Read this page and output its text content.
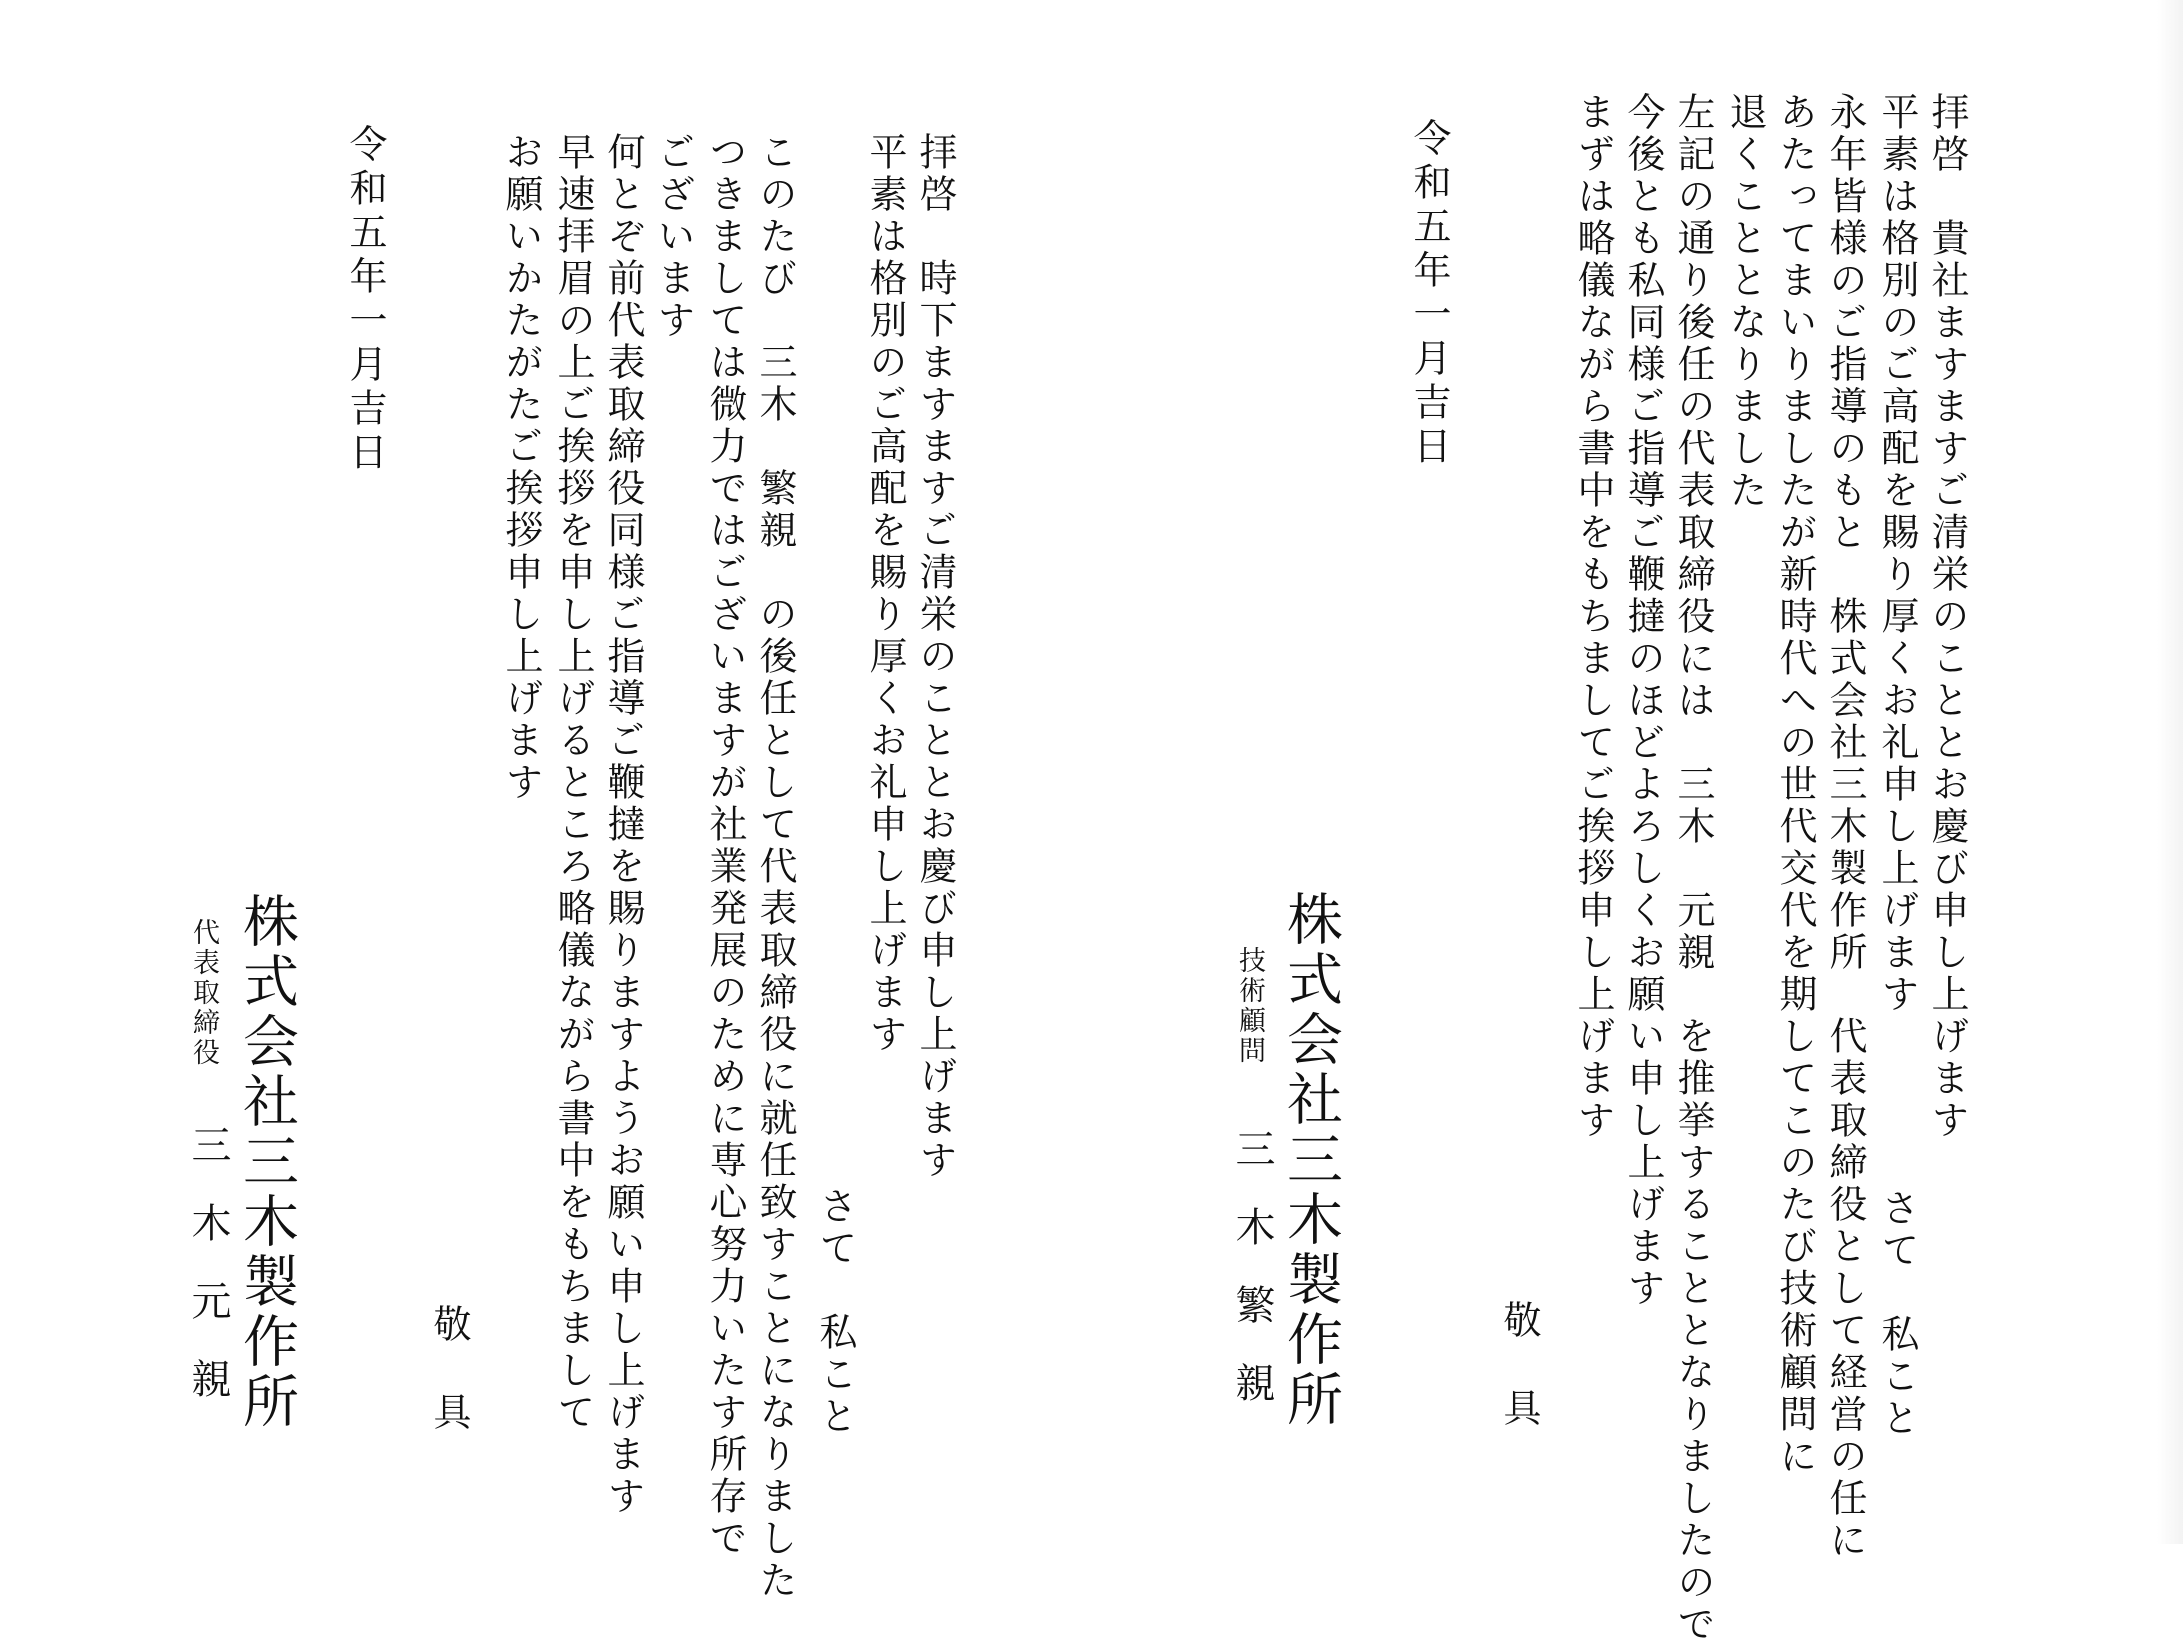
拝啓　貴社ますますご清栄のこととお慶び申し上げます
平素は格別のご高配を賜り厚くお礼申し上げます
さて　私こと
永年皆様のご指導のもと　株式会社三木製作所　代表取締役として経営の任に
あたってまいりましたが新時代への世代交代を期してこのたび技術顧問に
退くこととなりました
左記の通り後任の代表取締役には　三木　元親　を推挙することとなりましたので
今後とも私同様ご指導ご鞭撻のほどよろしくお願い申し上げます
まずは略儀ながら書中をもちましてご挨拶申し上げます
敬具
令和五年一月吉日
株式会社三木製作所
技術顧問
三木繁親
拝啓　時下ますますご清栄のこととお慶び申し上げます
平素は格別のご高配を賜り厚くお礼申し上げます
さて　私こと
このたび　三木　繁親　の後任として代表取締役に就任致すことになりました
つきましては微力ではございますが社業発展のために専心努力いたす所存で
ございます
何とぞ前代表取締役同様ご指導ご鞭撻を賜りますようお願い申し上げます
早速拝眉の上ご挨拶を申し上げるところ略儀ながら書中をもちまして
お願いかたがたご挨拶申し上げます
敬具
令和五年一月吉日
株式会社三木製作所
代表取締役
三木元親
